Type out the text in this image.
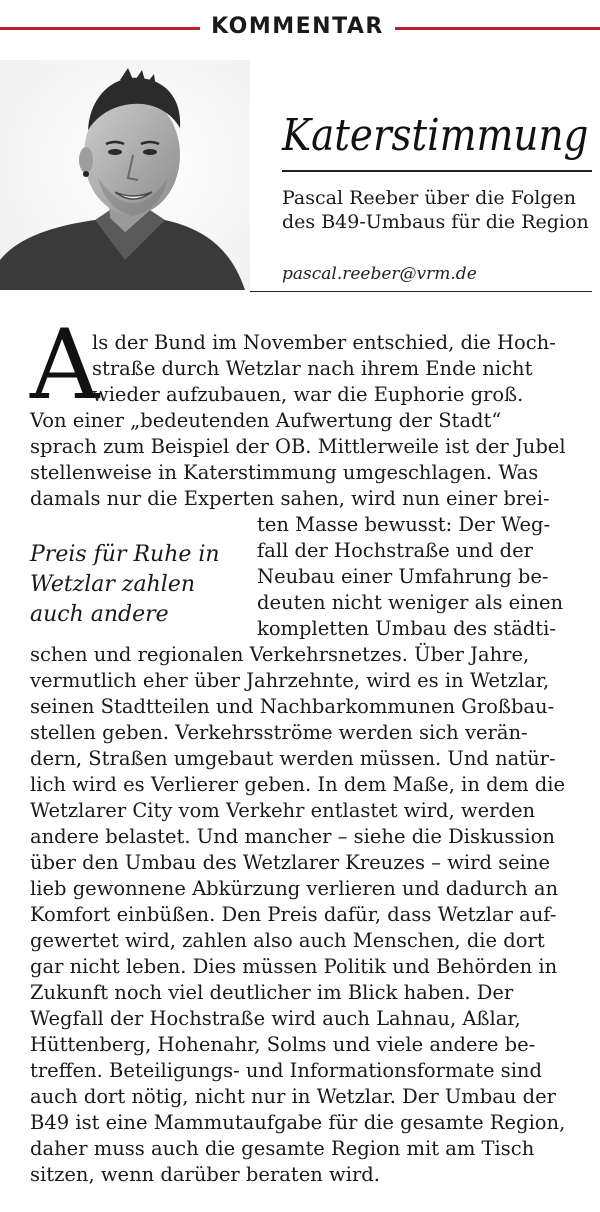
KOMMENTAR
Katerstimmung
Pascal Reeber über die Folgen
des B49-Umbaus für die Region
pascal.reeber@vrm.de
A
ls der Bund im November entschied, die Hoch-
straße durch Wetzlar nach ihrem Ende nicht
wieder aufzubauen, war die Euphorie groß.
Von einer „bedeutenden Aufwertung der Stadt“
sprach zum Beispiel der OB. Mittlerweile ist der Jubel
stellenweise in Katerstimmung umgeschlagen. Was
damals nur die Experten sahen, wird nun einer brei-
ten Masse bewusst: Der Weg-
fall der Hochstraße und der
Neubau einer Umfahrung be-
deuten nicht weniger als einen
kompletten Umbau des städti-
Preis für Ruhe in
Wetzlar zahlen
auch andere
schen und regionalen Verkehrsnetzes. Über Jahre,
vermutlich eher über Jahrzehnte, wird es in Wetzlar,
seinen Stadtteilen und Nachbarkommunen Großbau-
stellen geben. Verkehrsströme werden sich verän-
dern, Straßen umgebaut werden müssen. Und natür-
lich wird es Verlierer geben. In dem Maße, in dem die
Wetzlarer City vom Verkehr entlastet wird, werden
andere belastet. Und mancher – siehe die Diskussion
über den Umbau des Wetzlarer Kreuzes – wird seine
lieb gewonnene Abkürzung verlieren und dadurch an
Komfort einbüßen. Den Preis dafür, dass Wetzlar auf-
gewertet wird, zahlen also auch Menschen, die dort
gar nicht leben. Dies müssen Politik und Behörden in
Zukunft noch viel deutlicher im Blick haben. Der
Wegfall der Hochstraße wird auch Lahnau, Aßlar,
Hüttenberg, Hohenahr, Solms und viele andere be-
treffen. Beteiligungs- und Informationsformate sind
auch dort nötig, nicht nur in Wetzlar. Der Umbau der
B49 ist eine Mammutaufgabe für die gesamte Region,
daher muss auch die gesamte Region mit am Tisch
sitzen, wenn darüber beraten wird.
